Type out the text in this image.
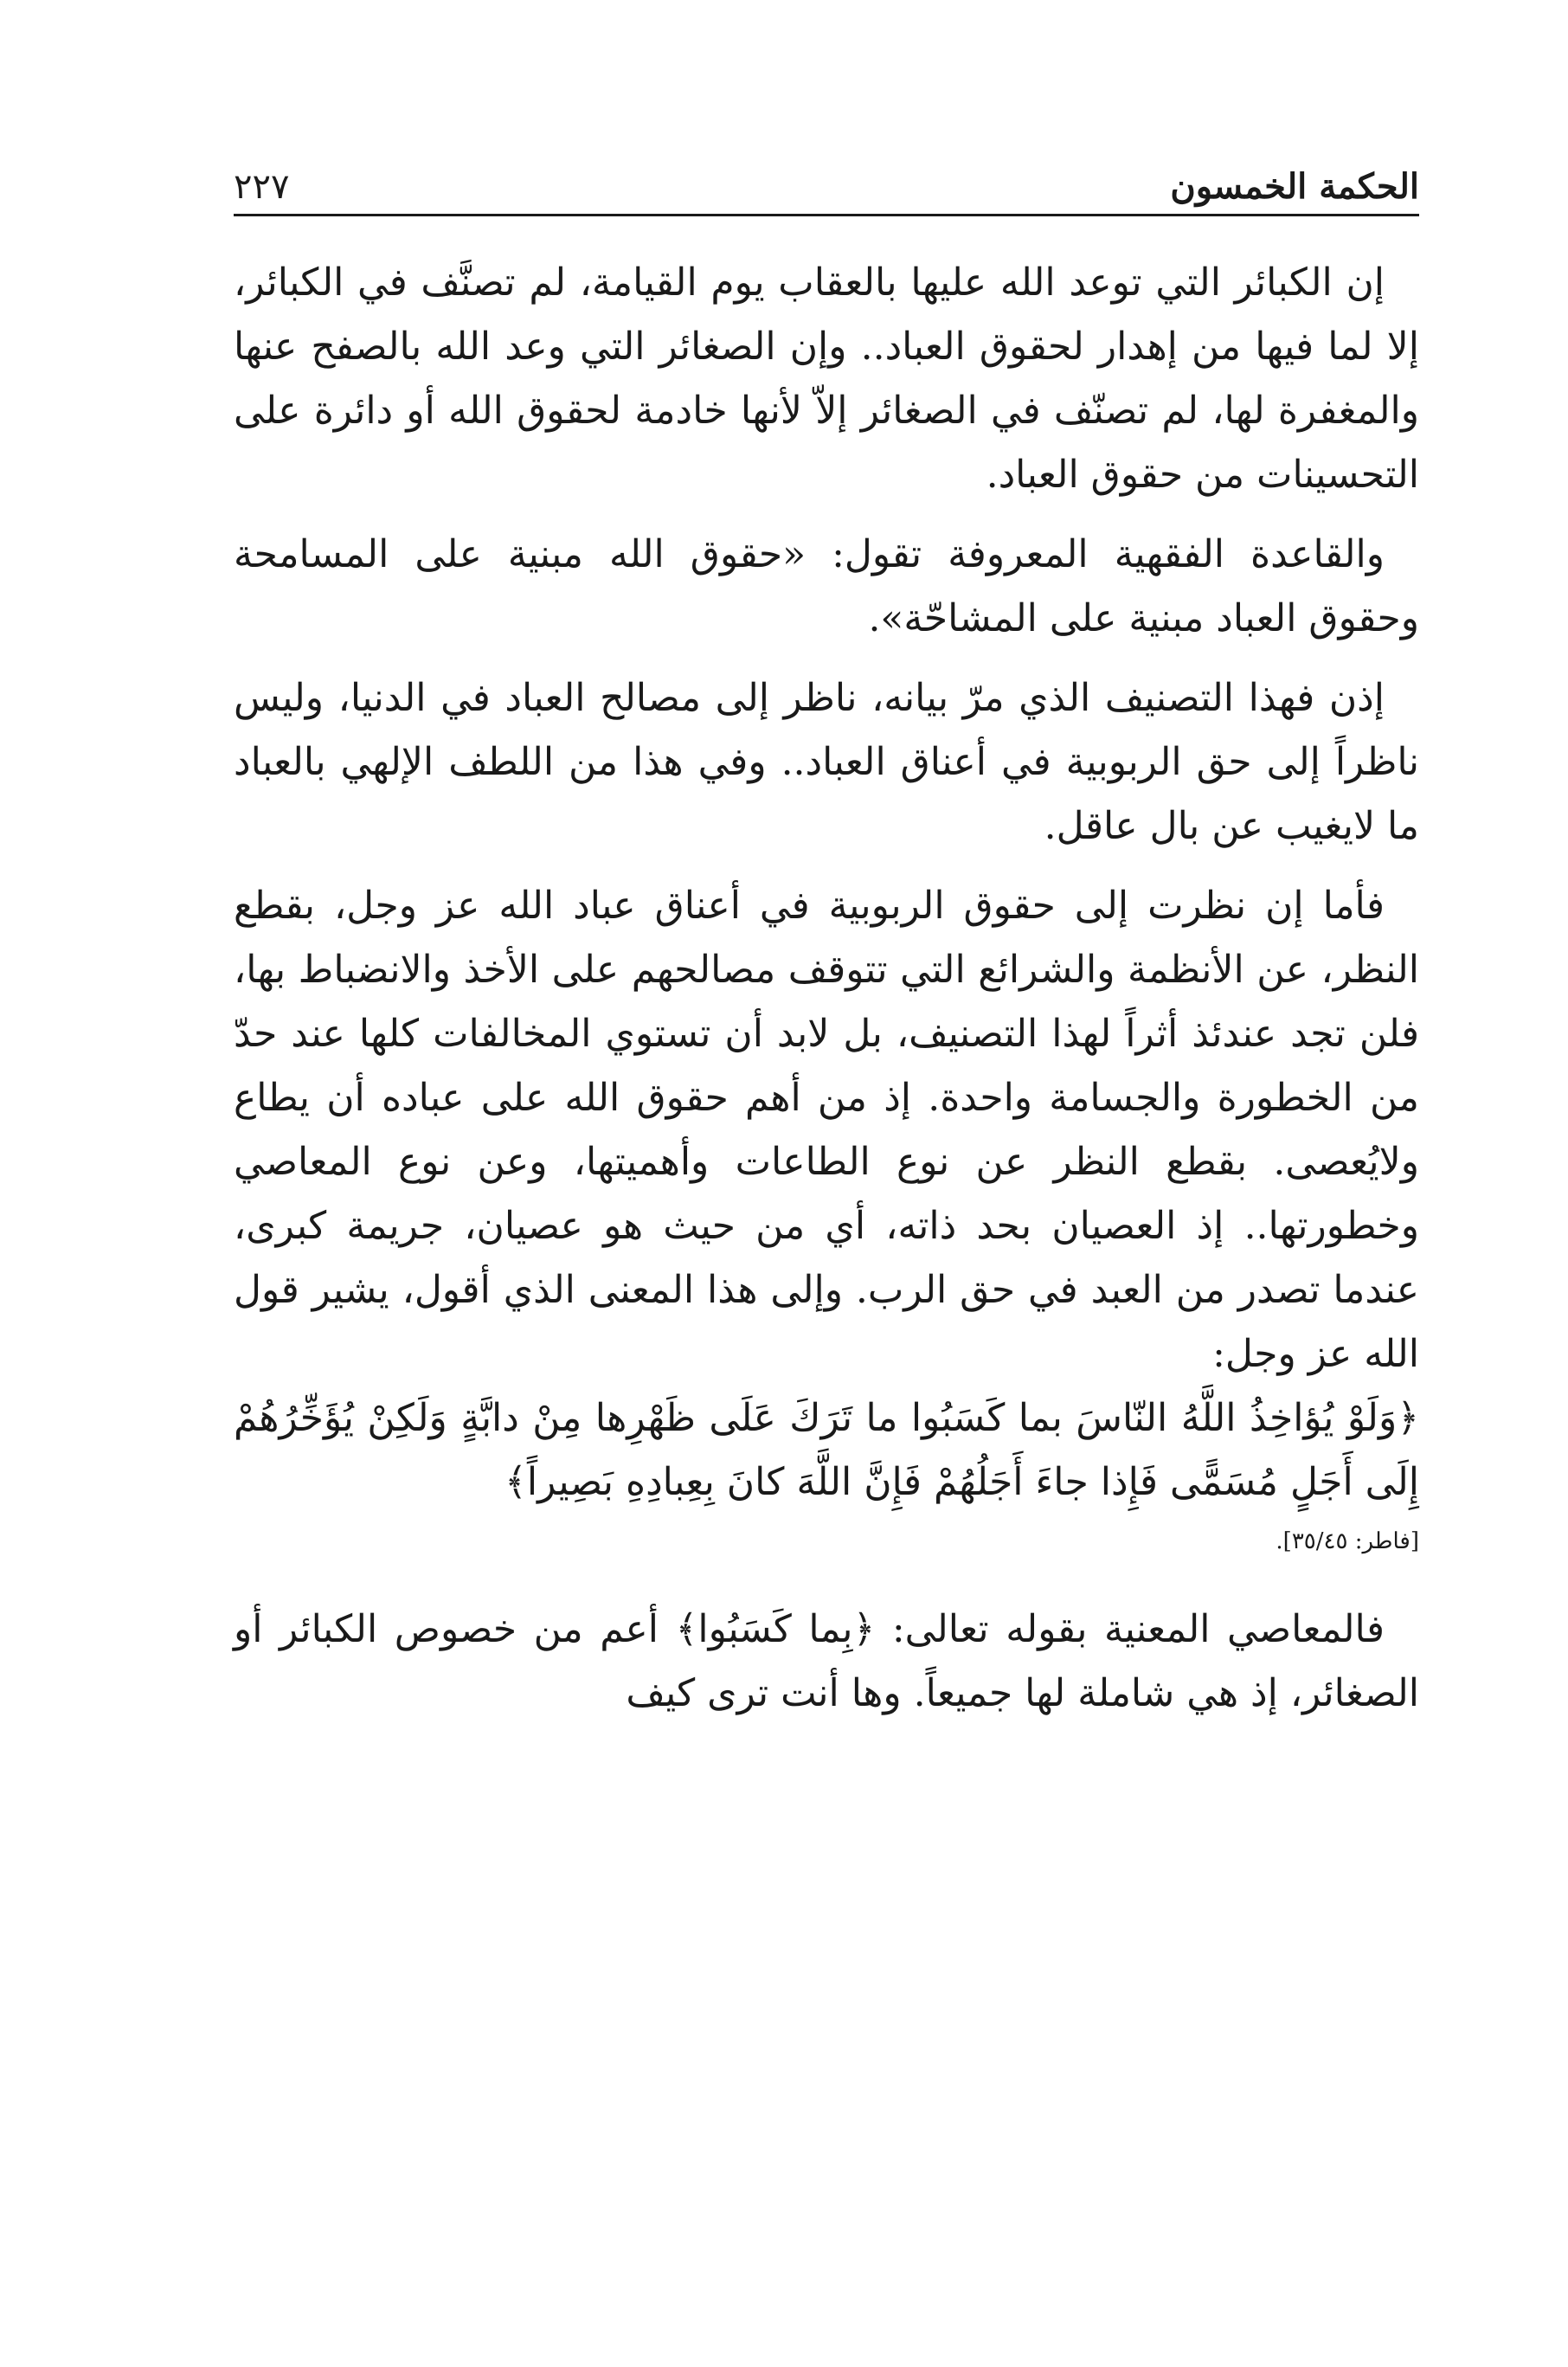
الحكمة الخمسون
٢٢٧

إن الكبائر التي توعد الله عليها بالعقاب يوم القيامة، لم تصنَّف في الكبائر، إلا لما فيها من إهدار لحقوق العباد.. وإن الصغائر التي وعد الله بالصفح عنها والمغفرة لها، لم تصنّف في الصغائر إلاّ لأنها خادمة لحقوق الله أو دائرة على التحسينات من حقوق العباد.

والقاعدة الفقهية المعروفة تقول: «حقوق الله مبنية على المسامحة وحقوق العباد مبنية على المشاحّة».

إذن فهذا التصنيف الذي مرّ بيانه، ناظر إلى مصالح العباد في الدنيا، وليس ناظراً إلى حق الربوبية في أعناق العباد.. وفي هذا من اللطف الإلهي بالعباد ما لايغيب عن بال عاقل.

فأما إن نظرت إلى حقوق الربوبية في أعناق عباد الله عز وجل، بقطع النظر، عن الأنظمة والشرائع التي تتوقف مصالحهم على الأخذ والانضباط بها، فلن تجد عندئذ أثراً لهذا التصنيف، بل لابد أن تستوي المخالفات كلها عند حدّ من الخطورة والجسامة واحدة. إذ من أهم حقوق الله على عباده أن يطاع ولايُعصى. بقطع النظر عن نوع الطاعات وأهميتها، وعن نوع المعاصي وخطورتها.. إذ العصيان بحد ذاته، أي من حيث هو عصيان، جريمة كبرى، عندما تصدر من العبد في حق الرب. وإلى هذا المعنى الذي أقول، يشير قول الله عز وجل:

﴿وَلَوْ يُؤاخِذُ اللَّهُ النّاسَ بما كَسَبُوا ما تَرَكَ عَلَى ظَهْرِها مِنْ دابَّةٍ وَلَكِنْ يُؤَخِّرُهُمْ إِلَى أَجَلٍ مُسَمًّى فَإِذا جاءَ أَجَلُهُمْ فَإِنَّ اللَّهَ كانَ بِعِبادِهِ بَصِيراً﴾

[فاطر: ٣٥/٤٥].

فالمعاصي المعنية بقوله تعالى: ﴿بِما كَسَبُوا﴾ أعم من خصوص الكبائر أو الصغائر، إذ هي شاملة لها جميعاً. وها أنت ترى كيف
